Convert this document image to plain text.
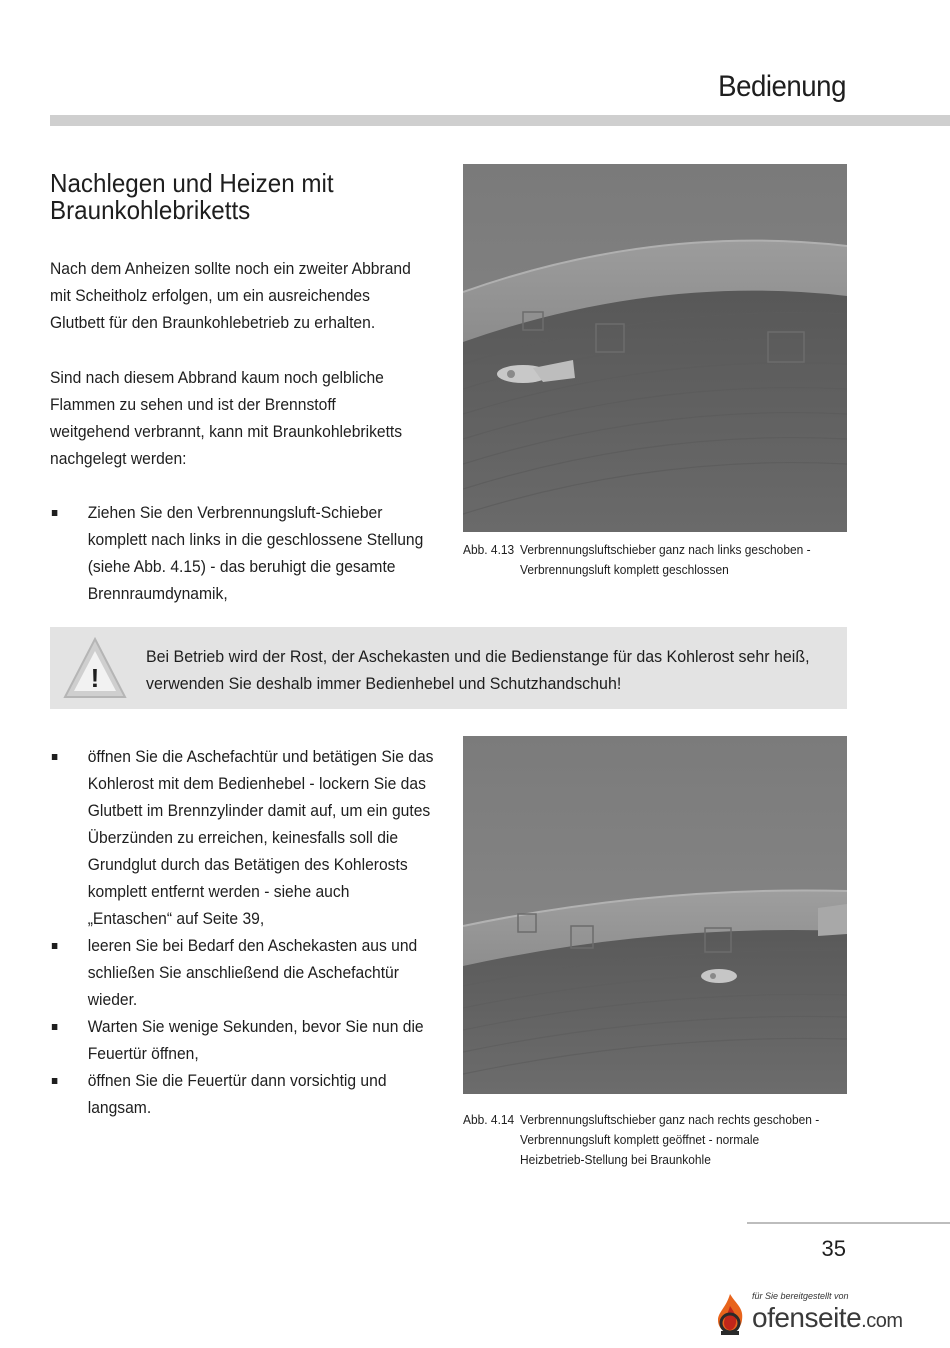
Bedienung
Nachlegen und Heizen mit
Braunkohlebriketts

Nach dem Anheizen sollte noch ein zweiter Abbrand mit Scheitholz erfolgen, um ein ausreichendes Glutbett für den Braunkohlebetrieb zu erhalten.

Sind nach diesem Abbrand kaum noch gelbliche Flammen zu sehen und ist der Brennstoff weitgehend verbrannt, kann mit Braunkohlebriketts nachgelegt werden:

Ziehen Sie den Verbrennungsluft-Schieber komplett nach links in die geschlossene Stellung (siehe Abb. 4.15) - das beruhigt die gesamte Brennraumdynamik,
Abb. 4.13 Verbrennungsluftschieber ganz nach links geschoben -
Verbrennungsluft komplett geschlossen
!
Bei Betrieb wird der Rost, der Aschekasten und die Bedienstange für das Kohlerost sehr heiß, verwenden Sie deshalb immer Bedienhebel und Schutzhandschuh!
öffnen Sie die Aschefachtür und betätigen Sie das Kohlerost mit dem Bedienhebel - lockern Sie das Glutbett im Brennzylinder damit auf, um ein gutes Überzünden zu erreichen, keinesfalls soll die Grundglut durch das Betätigen des Kohlerosts komplett entfernt werden - siehe auch „Entaschen“ auf Seite 39,
leeren Sie bei Bedarf den Aschekasten aus und schließen Sie anschließend die Aschefachtür wieder.
Warten Sie wenige Sekunden, bevor Sie nun die Feuertür öffnen,
öffnen Sie die Feuertür dann vorsichtig und langsam.
Abb. 4.14 Verbrennungsluftschieber ganz nach rechts geschoben -
Verbrennungsluft komplett geöffnet - normale
Heizbetrieb-Stellung bei Braunkohle
35
für Sie bereitgestellt von
ofenseite.com
